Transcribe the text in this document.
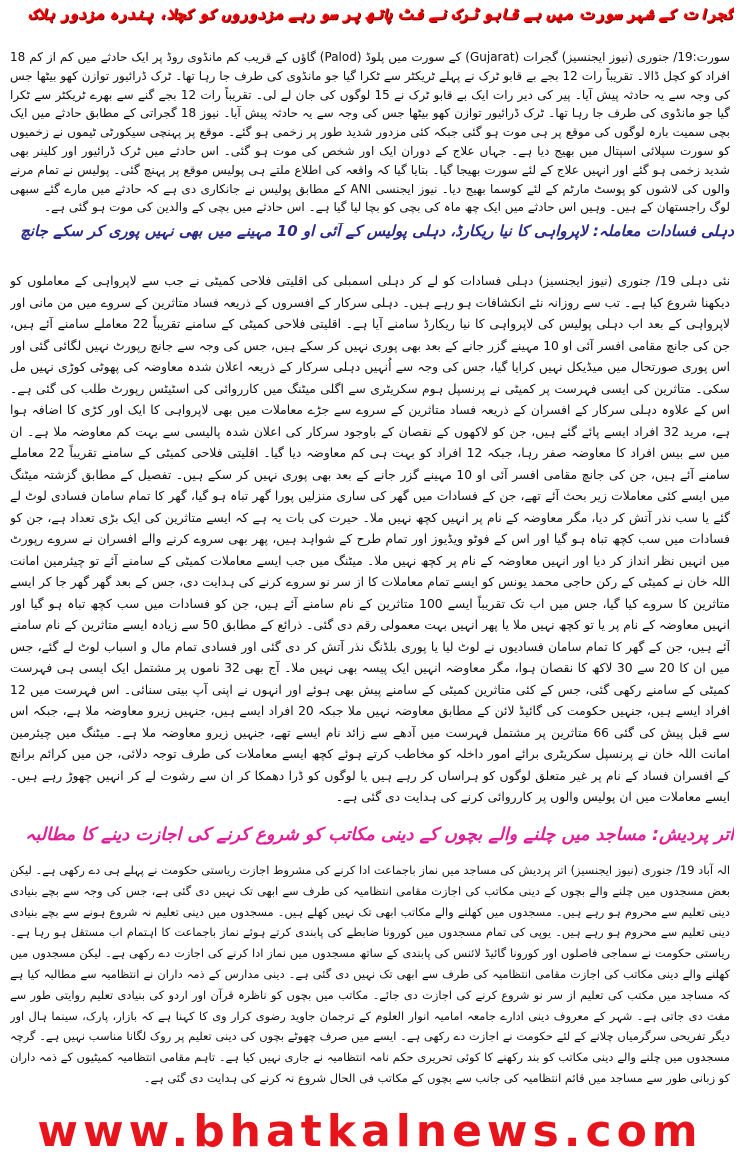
گجرات کے شہر سورت میں بے قابو ٹرک نے فٹ پاتھ پر سو رہے مزدوروں کو کچلا، پندرہ مزدور ہلاک
سورت:19/ جنوری (نیوز ایجنسیز) گجرات (Gujarat) کے سورت میں پلوڈ (Palod) گاؤں کے قریب کم مانڈوی روڈ پر ایک حادثے میں کم از کم 18 افراد کو کچل ڈالا۔ تقریباً رات 12 بجے بے قابو ٹرک نے پہلے ٹریکٹر سے ٹکرا گیا جو مانڈوی کی طرف جا رہا تھا۔ ٹرک ڈرائیور توازن کھو بیٹھا جس کی وجہ سے یہ حادثہ پیش آیا۔ پیر کی دیر رات ایک بے قابو ٹرک نے 15 لوگوں کی جان لے لی۔ تقریباً رات 12 بجے گنے سے بھرے ٹریکٹر سے ٹکرا گیا جو مانڈوی کی طرف جا رہا تھا۔ ٹرک ڈرائیور توازن کھو بیٹھا جس کی وجہ سے یہ حادثہ پیش آیا۔ نیوز 18 گجراتی کے مطابق حادثے میں ایک بچی سمیت بارہ لوگوں کی موقع پر ہی موت ہو گئی جبکہ کئی مزدور شدید طور پر زخمی ہو گئے۔ موقع پر پہنچی سیکورٹی ٹیموں نے زخمیوں کو سورت سپلائی اسپتال میں بھیج دیا ہے۔ جہاں علاج کے دوران ایک اور شخص کی موت ہو گئی۔ اس حادثے میں ٹرک ڈرائیور اور کلینر بھی شدید زخمی ہو گئے اور انہیں علاج کے لئے سورت بھیجا گیا۔ بتایا گیا کہ واقعہ کی اطلاع ملتے ہی پولیس موقع پر پہنچ گئی۔ پولیس نے تمام مرنے والوں کی لاشوں کو پوسٹ مارٹم کے لئے کوسما بھیج دیا۔ نیوز ایجنسی ANI کے مطابق پولیس نے جانکاری دی ہے کہ حادثے میں مارے گئے سبھی لوگ راجستھان کے ہیں۔ وہیں اس حادثے میں ایک چھ ماہ کی بچی کو بچا لیا گیا ہے۔ اس حادثے میں بچی کے والدین کی موت ہو گئی ہے۔
دہلی فسادات معاملہ: لاپرواہی کا نیا ریکارڈ، دہلی پولیس کے آئی او 10 مہینے میں بھی نہیں پوری کر سکے جانچ
نئی دہلی 19/ جنوری (نیوز ایجنسیز) دہلی فسادات کو لے کر دہلی اسمبلی کی اقلیتی فلاحی کمیٹی نے جب سے لاپرواہی کے معاملوں کو دیکھنا شروع کیا ہے۔ تب سے روزانہ نئے انکشافات ہو رہے ہیں۔ دہلی سرکار کے افسروں کے ذریعہ فساد متاثرین کے سروے میں من مانی اور لاپرواہی کے بعد اب دہلی پولیس کی لاپرواہی کا نیا ریکارڈ سامنے آیا ہے۔ اقلیتی فلاحی کمیٹی کے سامنے تقریباً 22 معاملے سامنے آئے ہیں، جن کی جانچ مقامی افسر آئی او 10 مہینے گزر جانے کے بعد بھی پوری نہیں کر سکے ہیں، جس کی وجہ سے جانچ رپورٹ نہیں لگائی گئی اور اس پوری صورتحال میں میڈیکل نہیں کرایا گیا، جس کی وجہ سے اُنہیں دہلی سرکار کے ذریعہ اعلان شدہ معاوضہ کی پھوٹی کوڑی نہیں مل سکی۔ متاثرین کی ایسی فہرست پر کمیٹی نے پرنسپل ہوم سکریٹری سے اگلی میٹنگ میں کارروائی کی اسٹیٹس رپورٹ طلب کی گئی ہے۔ اس کے علاوہ دہلی سرکار کے افسران کے ذریعہ فساد متاثرین کے سروے سے جڑے معاملات میں بھی لاپرواہی کا ایک اور کڑی کا اضافہ ہوا ہے، مرید 32 افراد ایسے پائے گئے ہیں، جن کو لاکھوں کے نقصان کے باوجود سرکار کی اعلان شدہ پالیسی سے بہت کم معاوضہ ملا ہے۔ ان میں سے بیس افراد کا معاوضہ صفر رہا، جبکہ 12 افراد کو بہت ہی کم معاوضہ دیا گیا۔ اقلیتی فلاحی کمیٹی کے سامنے تقریباً 22 معاملے سامنے آئے ہیں، جن کی جانچ مقامی افسر آئی او 10 مہینے گزر جانے کے بعد بھی پوری نہیں کر سکے ہیں۔ تفصیل کے مطابق گزشتہ میٹنگ میں ایسے کئی معاملات زیر بحث آئے تھے، جن کے فسادات میں گھر کی ساری منزلیں پورا گھر تباہ ہو گیا، گھر کا تمام سامان فسادی لوٹ لے گئے یا سب نذر آتش کر دیا، مگر معاوضہ کے نام پر انہیں کچھ نہیں ملا۔ حیرت کی بات یہ ہے کہ ایسے متاثرین کی ایک بڑی تعداد ہے، جن کو فسادات میں سب کچھ تباہ ہو گیا اور اس کے فوٹو ویڈیوز اور تمام طرح کے شواہد ہیں، پھر بھی سروے کرنے والے افسران نے سروے رپورٹ میں انہیں نظر انداز کر دیا اور انہیں معاوضہ کے نام پر کچھ نہیں ملا۔ میٹنگ میں جب ایسے معاملات کمیٹی کے سامنے آئے تو چیئرمین امانت اللہ خان نے کمیٹی کے رکن حاجی محمد یونس کو ایسے تمام معاملات کا از سر نو سروے کرنے کی ہدایت دی، جس کے بعد گھر گھر جا کر ایسے متاثرین کا سروے کیا گیا، جس میں اب تک تقریباً ایسے 100 متاثرین کے نام سامنے آئے ہیں، جن کو فسادات میں سب کچھ تباہ ہو گیا اور انہیں معاوضہ کے نام پر یا تو کچھ نہیں ملا یا پھر انہیں بہت معمولی رقم دی گئی۔ ذرائع کے مطابق 50 سے زیادہ ایسے متاثرین کے نام سامنے آئے ہیں، جن کے گھر کا تمام سامان فسادیوں نے لوٹ لیا یا پوری بلڈنگ نذر آتش کر دی گئی اور فسادی تمام مال و اسباب لوٹ لے گئے، جس میں ان کا 20 سے 30 لاکھ کا نقصان ہوا، مگر معاوضہ انہیں ایک پیسہ بھی نہیں ملا۔ آج بھی 32 ناموں پر مشتمل ایک ایسی ہی فہرست کمیٹی کے سامنے رکھی گئی، جس کے کئی متاثرین کمیٹی کے سامنے پیش بھی ہوئے اور انہوں نے اپنی آپ بیتی سنائی۔ اس فہرست میں 12 افراد ایسے ہیں، جنہیں حکومت کی گائیڈ لائن کے مطابق معاوضہ نہیں ملا جبکہ 20 افراد ایسے ہیں، جنہیں زیرو معاوضہ ملا ہے، جبکہ اس سے قبل پیش کی گئی 66 متاثرین پر مشتمل فہرست میں آدھے سے زائد نام ایسے تھے، جنہیں زیرو معاوضہ ملا ہے۔ میٹنگ میں چیئرمین امانت اللہ خان نے پرنسپل سکریٹری برائے امور داخلہ کو مخاطب کرتے ہوئے کچھ ایسے معاملات کی طرف توجہ دلائی، جن میں کرائم برانچ کے افسران فساد کے نام پر غیر متعلق لوگوں کو ہراساں کر رہے ہیں یا لوگوں کو ڈرا دھمکا کر ان سے رشوت لے کر انہیں چھوڑ رہے ہیں۔ ایسے معاملات میں ان پولیس والوں پر کارروائی کرنے کی ہدایت دی گئی ہے۔
اُتر پردیش: مساجد میں چلنے والے بچوں کے دینی مکاتب کو شروع کرنے کی اجازت دینے کا مطالبہ
الہ آباد 19/ جنوری (نیوز ایجنسیز) اتر پردیش کی مساجد میں نماز باجماعت ادا کرنے کی مشروط اجازت ریاستی حکومت نے پہلے ہی دے رکھی ہے۔ لیکن بعض مسجدوں میں چلنے والے بچوں کے دینی مکاتب کی اجازت مقامی انتظامیہ کی طرف سے ابھی تک نہیں دی گئی ہے، جس کی وجہ سے بچے بنیادی دینی تعلیم سے محروم ہو رہے ہیں۔ مسجدوں میں کھلنے والے مکاتب ابھی تک نہیں کھلے ہیں۔ مسجدوں میں دینی تعلیم نہ شروع ہونے سے بچے بنیادی دینی تعلیم سے محروم ہو رہے ہیں۔ یوپی کی تمام مسجدوں میں کورونا ضابطے کی پابندی کرتے ہوئے نماز باجماعت کا اہتمام اب مستقل ہو رہا ہے۔ ریاستی حکومت نے سماجی فاصلوں اور کورونا گائیڈ لائنس کی پابندی کے ساتھ مسجدوں میں نماز ادا کرنے کی اجازت دے رکھی ہے۔ لیکن مسجدوں میں کھلنے والے دینی مکاتب کی اجازت مقامی انتظامیہ کی طرف سے ابھی تک نہیں دی گئی ہے۔ دینی مدارس کے ذمہ داران نے انتظامیہ سے مطالبہ کیا ہے کہ مساجد میں مکتب کی تعلیم از سر نو شروع کرنے کی اجازت دی جائے۔ مکاتب میں بچوں کو ناظرہ قرآن اور اردو کی بنیادی تعلیم روایتی طور سے مفت دی جاتی ہے۔ شہر کے معروف دینی ادارے جامعہ امامیہ انوار العلوم کے ترجمان جاوید رضوی کرار وی کا کہنا ہے کہ بازار، پارک، سینما ہال اور دیگر تفریحی سرگرمیاں چلانے کے لئے حکومت نے اجازت دے رکھی ہے۔ ایسے میں صرف چھوٹے بچوں کی دینی تعلیم پر روک لگانا مناسب نہیں ہے۔ گرچہ مسجدوں میں چلنے والے دینی مکاتب کو بند رکھنے کا کوئی تحریری حکم نامہ انتظامیہ نے جاری نہیں کیا ہے۔ تاہم مقامی انتظامیہ کمیٹیوں کے ذمہ داران کو زبانی طور سے مساجد میں قائم انتظامیہ کی جانب سے بچوں کے مکاتب فی الحال شروع نہ کرنے کی ہدایت دی گئی ہے۔
www.bhatkalnews.com
